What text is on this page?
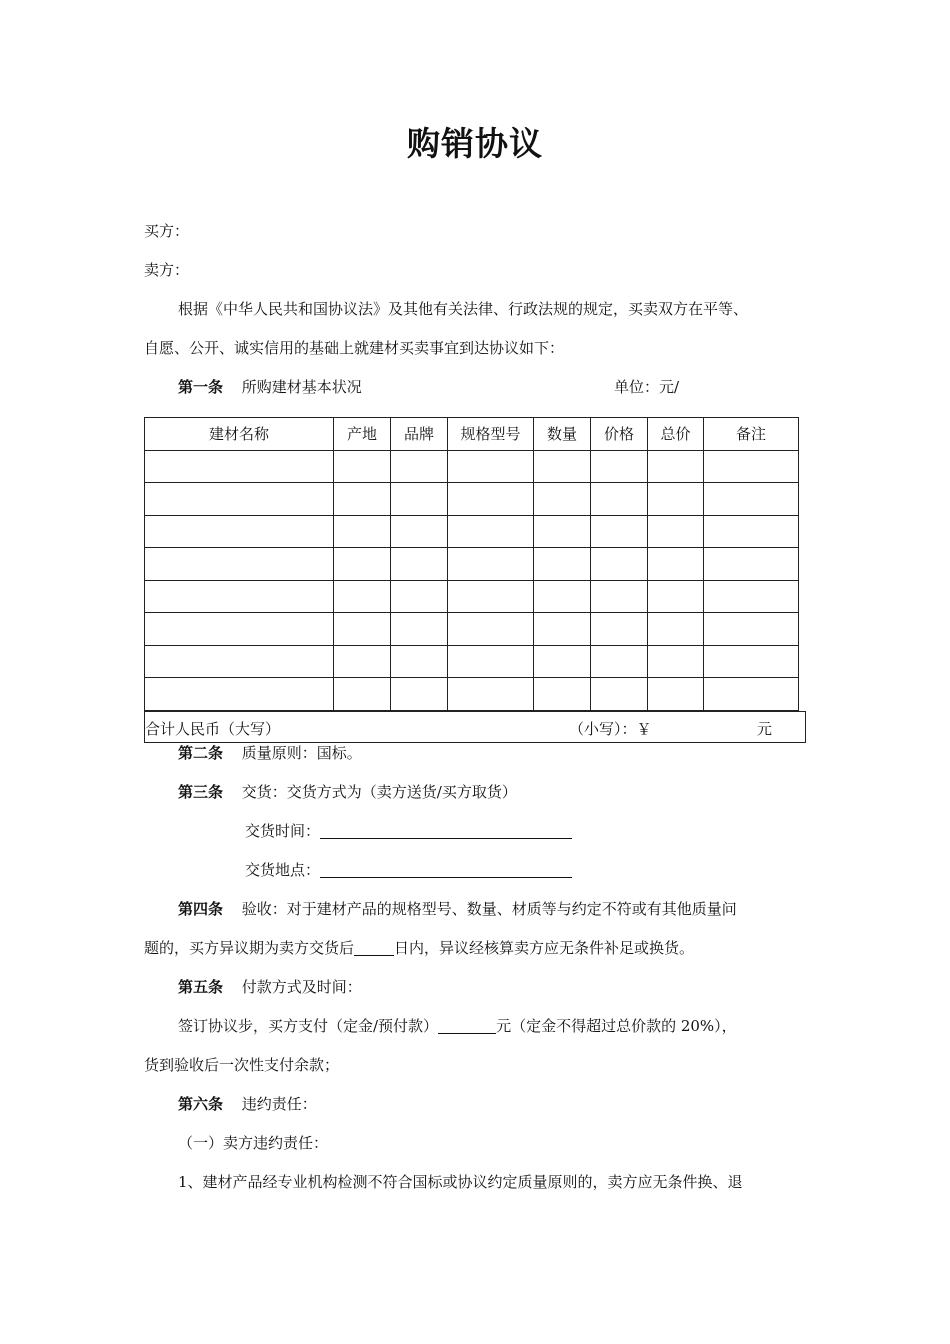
购销协议
买方：
卖方：
根据《中华人民共和国协议法》及其他有关法律、行政法规的规定，买卖双方在平等、
自愿、公开、诚实信用的基础上就建材买卖事宜到达协议如下：
第一条 所购建材基本状况	单位：元/
建材名称	产地	品牌	规格型号	数量	价格	总价	备注

合计人民币（大写）	（小写）：￥	元
第二条 质量原则：国标。
第三条 交货：交货方式为（卖方送货/买方取货）
交货时间：
交货地点：
第四条 验收：对于建材产品的规格型号、数量、材质等与约定不符或有其他质量问
题的，买方异议期为卖方交货后	日内，异议经核算卖方应无条件补足或换货。
第五条 付款方式及时间：
签订协议步，买方支付（定金/预付款）	元（定金不得超过总价款的 20%），
货到验收后一次性支付余款；
第六条 违约责任：
（一）卖方违约责任：
1、建材产品经专业机构检测不符合国标或协议约定质量原则的，卖方应无条件换、退
